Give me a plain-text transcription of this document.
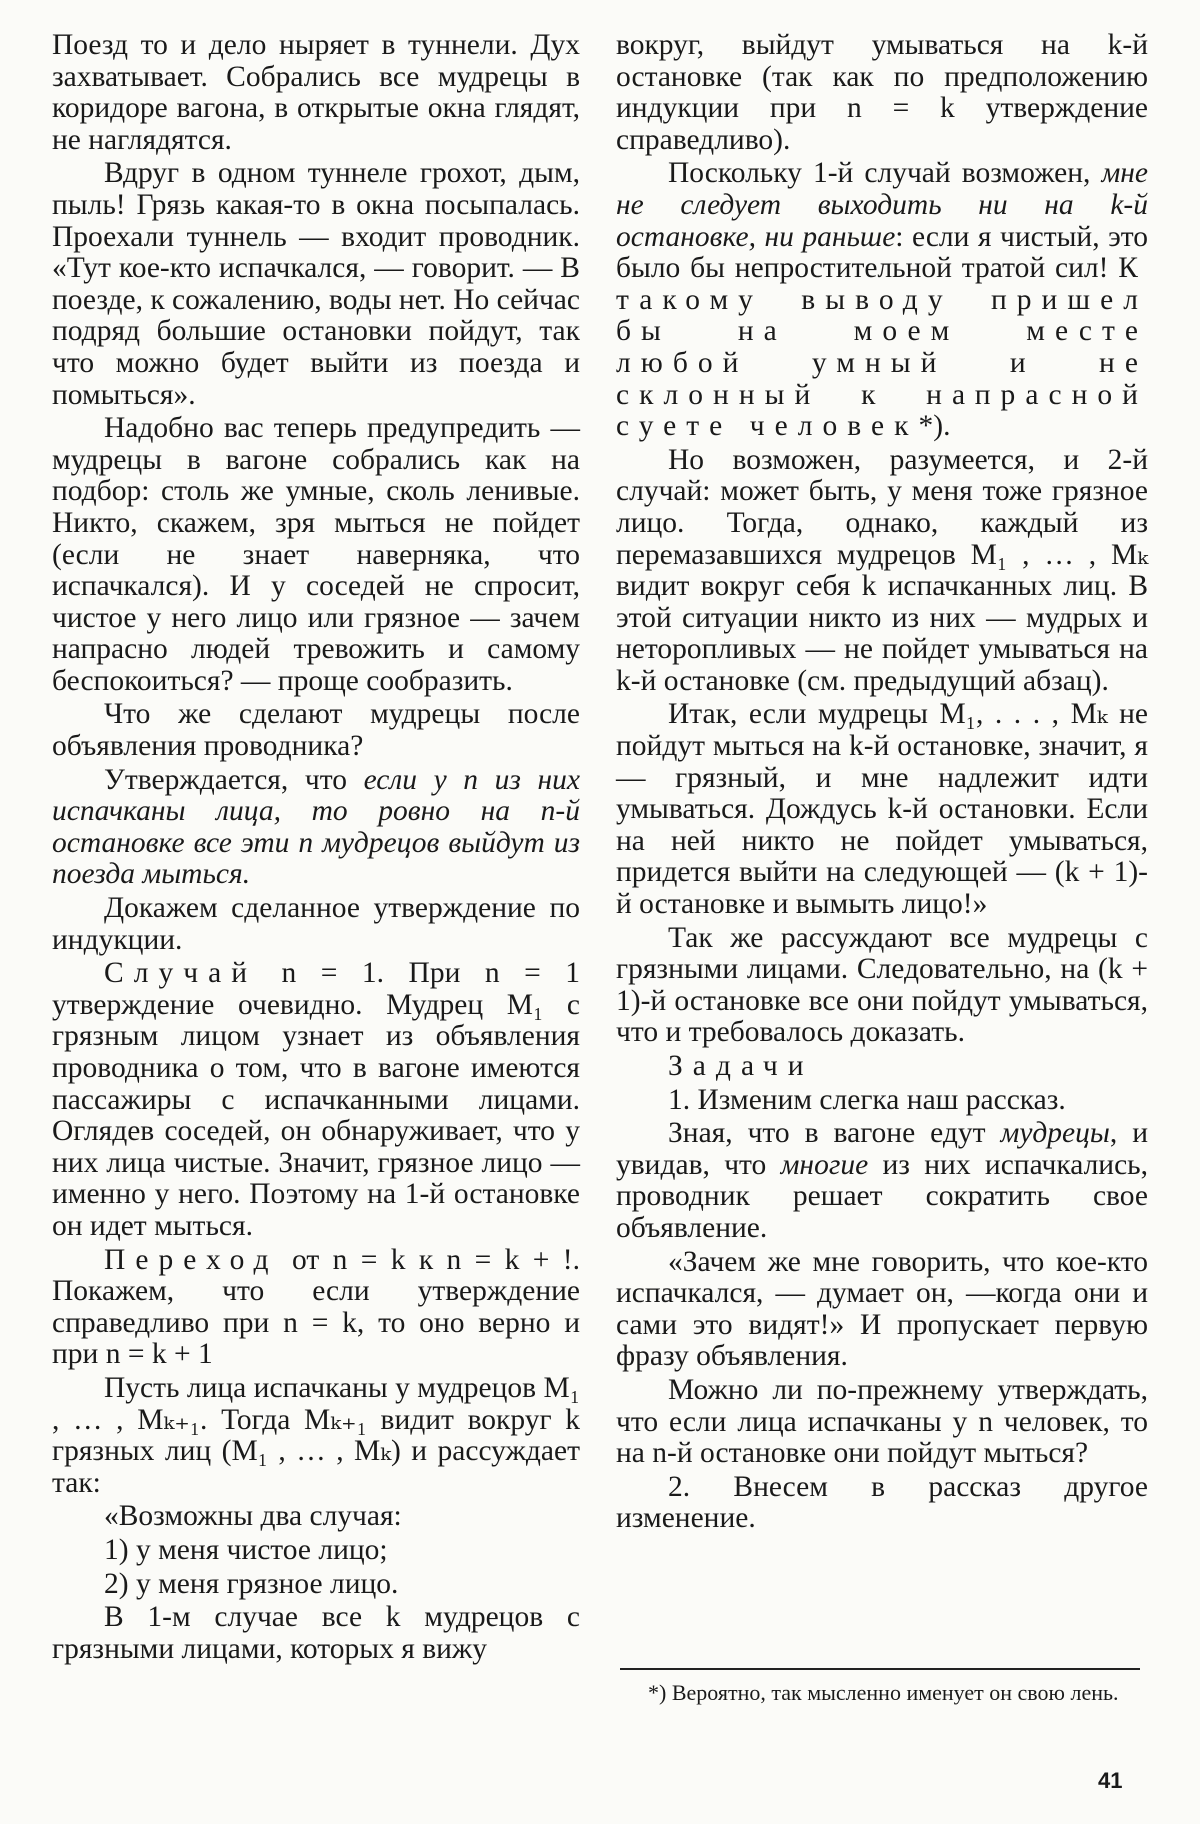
Поезд то и дело ныряет в туннели. Дух захватывает. Собрались все мудрецы в коридоре вагона, в открытые окна глядят, не наглядятся.

Вдруг в одном туннеле грохот, дым, пыль! Грязь какая-то в окна посыпалась. Проехали туннель — входит проводник. «Тут кое-кто испачкался, — говорит. — В поезде, к сожалению, воды нет. Но сейчас подряд большие остановки пойдут, так что можно будет выйти из поезда и помыться».

Надобно вас теперь предупредить — мудрецы в вагоне собрались как на подбор: столь же умные, сколь ленивые. Никто, скажем, зря мыться не пойдет (если не знает наверняка, что испачкался). И у соседей не спросит, чистое у него лицо или грязное — зачем напрасно людей тревожить и самому беспокоиться? — проще сообразить.

Что же сделают мудрецы после объявления проводника?

Утверждается, что если у n из них испачканы лица, то ровно на n-й остановке все эти n мудрецов выйдут из поезда мыться.

Докажем сделанное утверждение по индукции.

Случай n = 1. При n = 1 утверждение очевидно. Мудрец M₁ с грязным лицом узнает из объявления проводника о том, что в вагоне имеются пассажиры с испачканными лицами. Оглядев соседей, он обнаруживает, что у них лица чистые. Значит, грязное лицо — именно у него. Поэтому на 1-й остановке он идет мыться.

Переход от n = k к n = k + !. Покажем, что если утверждение справедливо при n = k, то оно верно и при n = k + 1

Пусть лица испачканы у мудрецов M₁ , … , Mₖ₊₁. Тогда Mₖ₊₁ видит вокруг k грязных лиц (M₁ , … , Mₖ) и рассуждает так:

«Возможны два случая:

1) у меня чистое лицо;

2) у меня грязное лицо.

В 1-м случае все k мудрецов с грязными лицами, которых я вижу

вокруг, выйдут умываться на k-й остановке (так как по предположению индукции при n = k утверждение справедливо).

Поскольку 1-й случай возможен, мне не следует выходить ни на k-й остановке, ни раньше: если я чистый, это было бы непростительной тратой сил! К такому выводу пришел бы на моем месте любой умный и не склонный к напрасной суете человек*).

Но возможен, разумеется, и 2-й случай: может быть, у меня тоже грязное лицо. Тогда, однако, каждый из перемазавшихся мудрецов M₁ , … , Mₖ видит вокруг себя k испачканных лиц. В этой ситуации никто из них — мудрых и неторопливых — не пойдет умываться на k-й остановке (см. предыдущий абзац).

Итак, если мудрецы M₁, . . . , Mₖ не пойдут мыться на k-й остановке, значит, я — грязный, и мне надлежит идти умываться. Дождусь k-й остановки. Если на ней никто не пойдет умываться, придется выйти на следующей — (k + 1)-й остановке и вымыть лицо!»

Так же рассуждают все мудрецы с грязными лицами. Следовательно, на (k + 1)-й остановке все они пойдут умываться, что и требовалось доказать.

Задачи

1. Изменим слегка наш рассказ.

Зная, что в вагоне едут мудрецы, и увидав, что многие из них испачкались, проводник решает сократить свое объявление.

«Зачем же мне говорить, что кое-кто испачкался, — думает он, —когда они и сами это видят!» И пропускает первую фразу объявления.

Можно ли по-прежнему утверждать, что если лица испачканы у n человек, то на n-й остановке они пойдут мыться?

2. Внесем в рассказ другое изменение.

*) Вероятно, так мысленно именует он свою лень.
41
